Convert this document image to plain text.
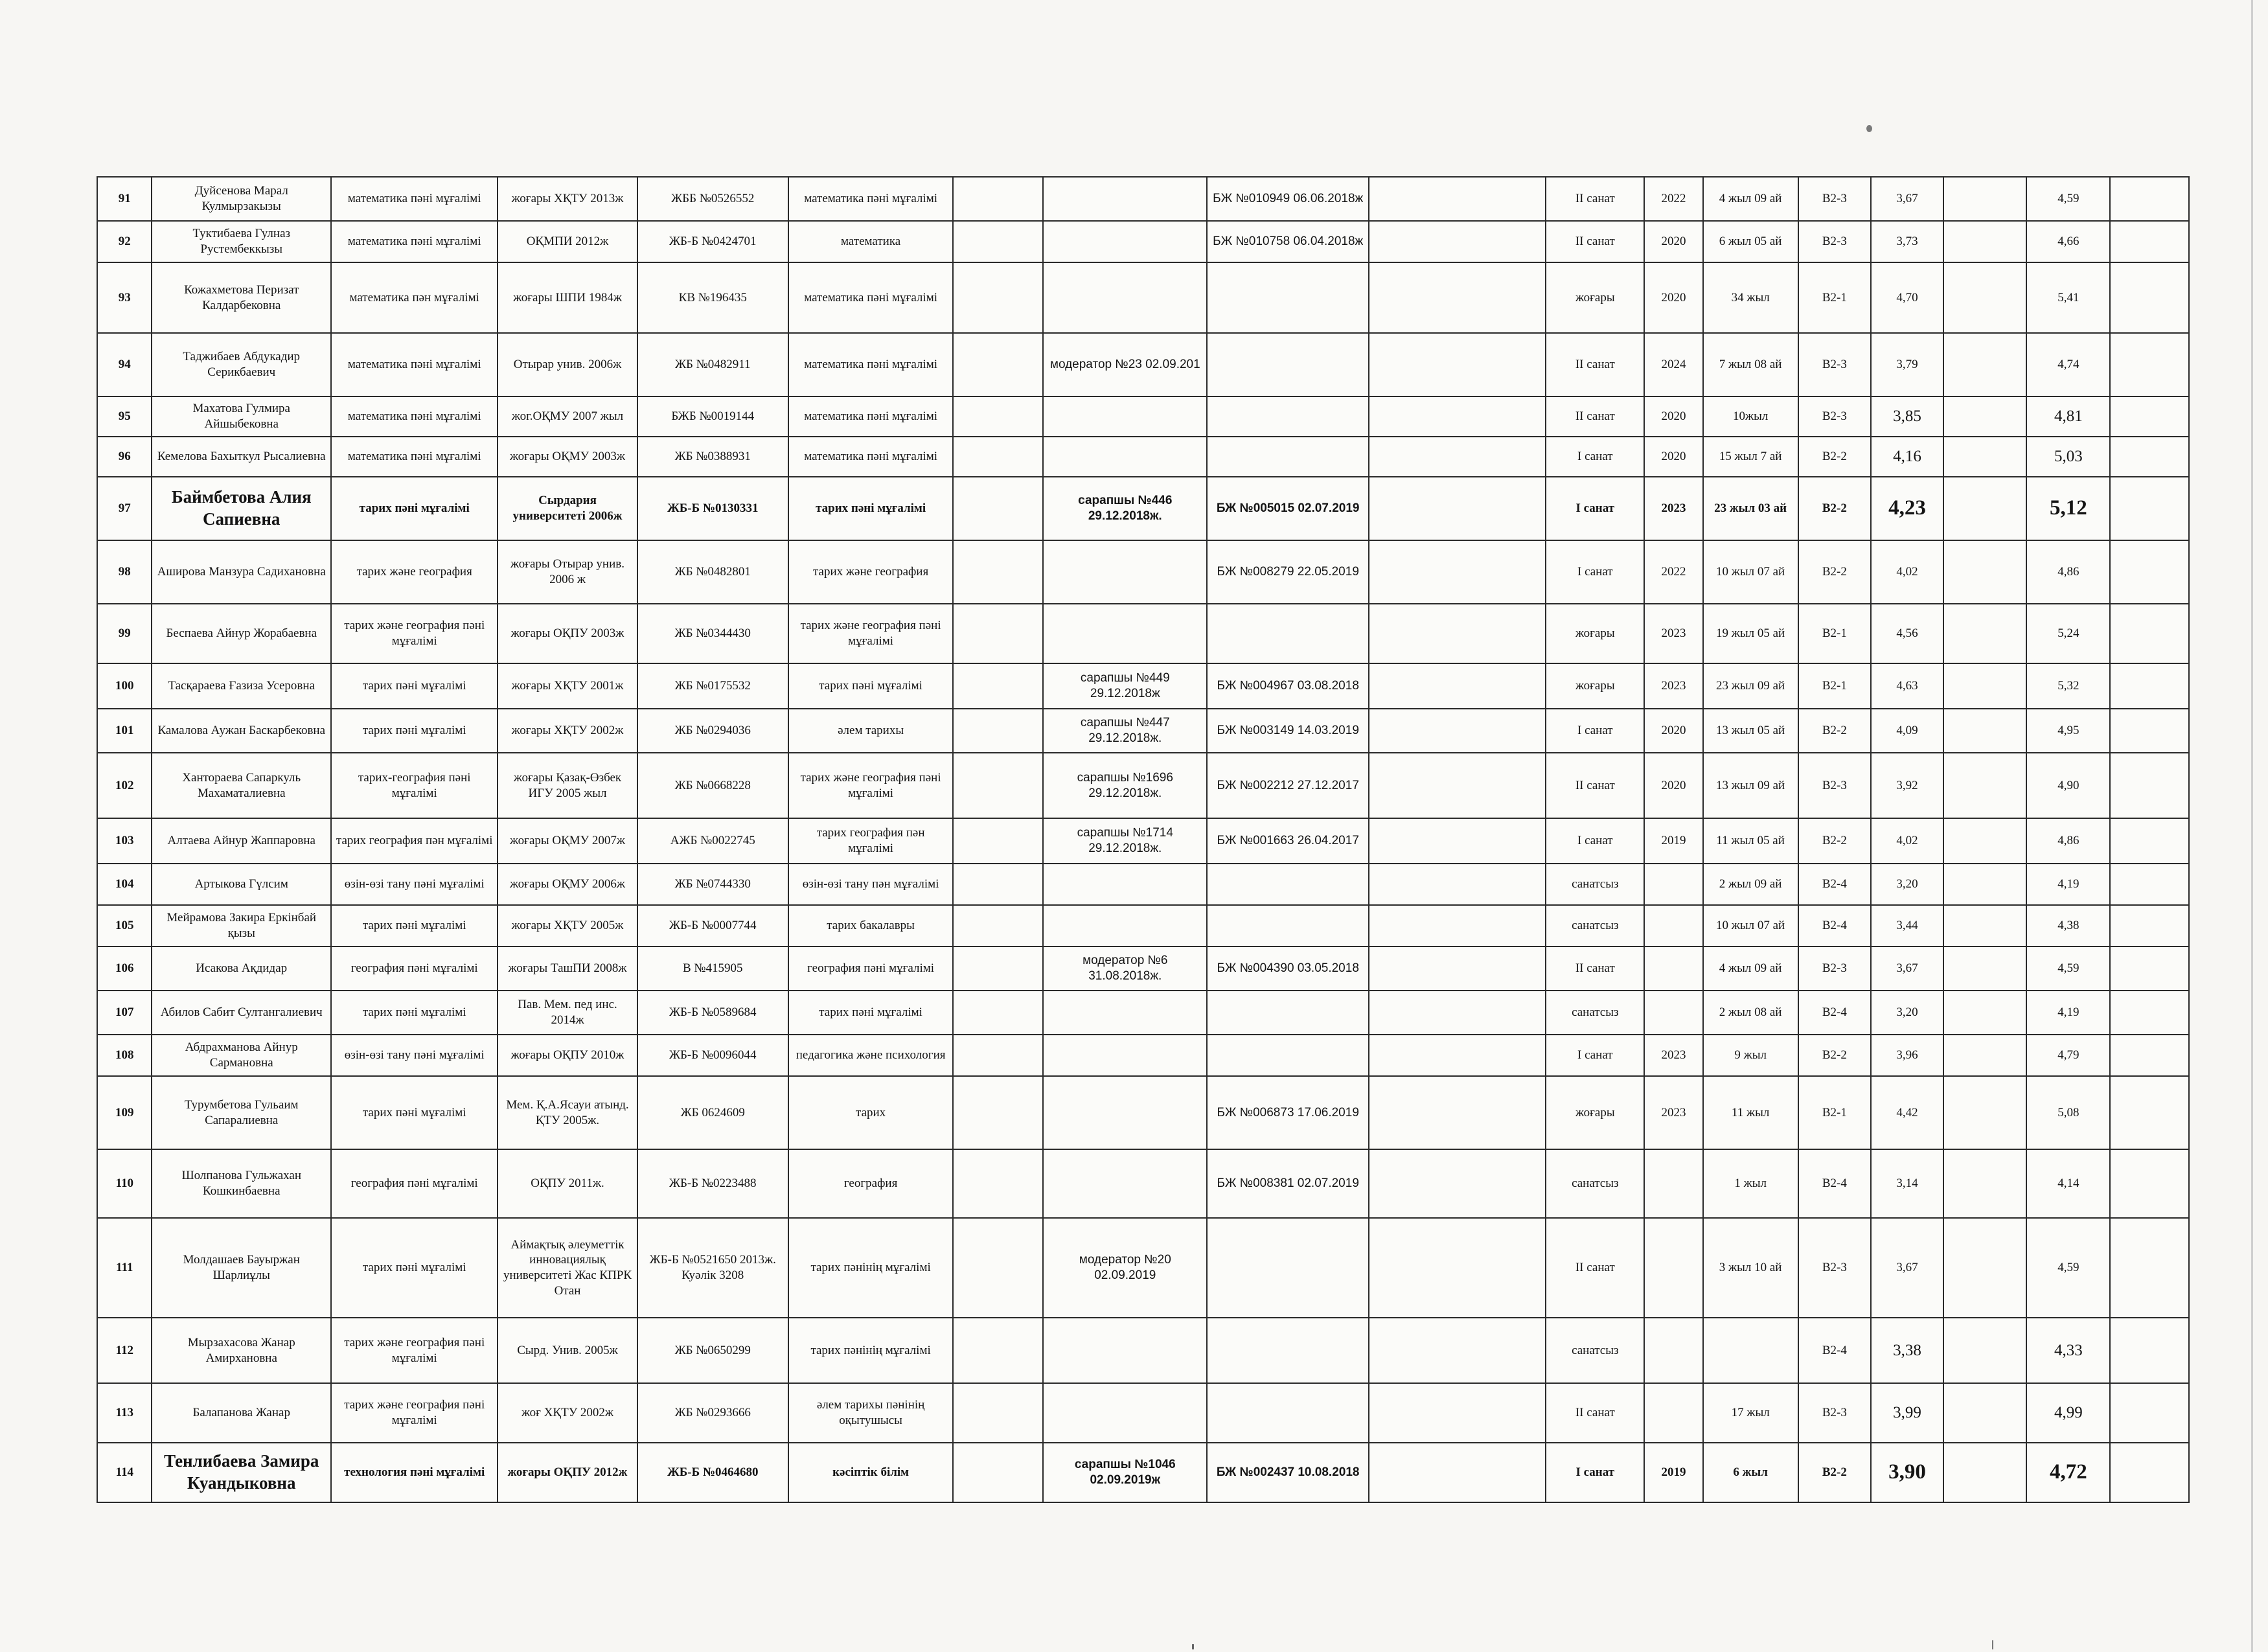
91	Дуйсенова Марал Кулмырзакызы	математика пәні мұғалімі	жоғары ХҚТУ 2013ж	ЖББ №0526552	математика пәні мұғалімі			БЖ №010949 06.06.2018ж		II санат	2022	4 жыл 09 ай	B2-3	3,67		4,59	
92	Туктибаева Гулназ Рустембеккызы	математика пәні мұғалімі	ОҚМПИ 2012ж	ЖБ-Б №0424701	математика			БЖ №010758 06.04.2018ж		II санат	2020	6 жыл 05 ай	B2-3	3,73		4,66	
93	Кожахметова Перизат Калдарбековна	математика пән мұғалімі	жоғары ШПИ 1984ж	КВ №196435	математика пәні мұғалімі					жоғары	2020	34 жыл	B2-1	4,70		5,41	
94	Таджибаев Абдукадир Серикбаевич	математика пәні мұғалімі	Отырар унив. 2006ж	ЖБ №0482911	математика пәні мұғалімі		модератор №23 02.09.201			II санат	2024	7 жыл 08 ай	B2-3	3,79		4,74	
95	Махатова Гулмира Айшыбековна	математика пәні мұғалімі	жог.ОҚМУ 2007 жыл	БЖБ №0019144	математика пәні мұғалімі					II санат	2020	10жыл	B2-3	3,85		4,81	
96	Кемелова Бахыткул Рысалиевна	математика пәні мұғалімі	жоғары ОҚМУ 2003ж	ЖБ №0388931	математика пәні мұғалімі					I санат	2020	15 жыл 7 ай	B2-2	4,16		5,03	
97	Баймбетова Алия Сапиевна	тарих пәні мұғалімі	Сырдария университеті 2006ж	ЖБ-Б №0130331	тарих пәні мұғалімі		сарапшы №446 29.12.2018ж.	БЖ №005015 02.07.2019		I санат	2023	23 жыл 03 ай	B2-2	4,23		5,12	
98	Аширова Манзура Садихановна	тарих және география	жоғары Отырар унив. 2006 ж	ЖБ №0482801	тарих және география			БЖ №008279 22.05.2019		I санат	2022	10 жыл 07 ай	B2-2	4,02		4,86	
99	Беспаева Айнур Жорабаевна	тарих және география пәні мұғалімі	жоғары ОҚПУ 2003ж	ЖБ №0344430	тарих және география пәні мұғалімі					жоғары	2023	19 жыл 05 ай	B2-1	4,56		5,24	
100	Тасқараева Ғазиза Усеровна	тарих пәні мұғалімі	жоғары ХҚТУ 2001ж	ЖБ №0175532	тарих пәні мұғалімі		сарапшы №449 29.12.2018ж	БЖ №004967 03.08.2018		жоғары	2023	23 жыл 09 ай	B2-1	4,63		5,32	
101	Камалова Аужан Баскарбековна	тарих пәні мұғалімі	жоғары ХҚТУ 2002ж	ЖБ №0294036	әлем тарихы		сарапшы №447 29.12.2018ж.	БЖ №003149 14.03.2019		I санат	2020	13 жыл 05 ай	B2-2	4,09		4,95	
102	Хантораева Сапаркуль Махаматалиевна	тарих-география пәні мұғалімі	жоғары Қазақ-Өзбек ИГУ 2005 жыл	ЖБ №0668228	тарих және география пәні мұғалімі		сарапшы №1696 29.12.2018ж.	БЖ №002212 27.12.2017		II санат	2020	13 жыл 09 ай	B2-3	3,92		4,90	
103	Алтаева Айнур Жаппаровна	тарих география пән мұғалімі	жоғары ОҚМУ 2007ж	АЖБ №0022745	тарих география пән мұғалімі		сарапшы №1714 29.12.2018ж.	БЖ №001663 26.04.2017		I санат	2019	11 жыл 05 ай	B2-2	4,02		4,86	
104	Артыкова Гүлсим	өзін-өзі тану пәні мұғалімі	жоғары ОҚМУ 2006ж	ЖБ №0744330	өзін-өзі тану пән мұғалімі					санатсыз		2 жыл 09 ай	B2-4	3,20		4,19	
105	Мейрамова Закира Еркінбай қызы	тарих пәні мұғалімі	жоғары ХҚТУ 2005ж	ЖБ-Б №0007744	тарих бакалавры					санатсыз		10 жыл 07 ай	B2-4	3,44		4,38	
106	Исакова Ақдидар	география пәні мұғалімі	жоғары ТашПИ 2008ж	В №415905	география пәні мұғалімі		модератор №6 31.08.2018ж.	БЖ №004390 03.05.2018		II санат		4 жыл 09 ай	B2-3	3,67		4,59	
107	Абилов Сабит Султангалиевич	тарих пәні мұғалімі	Пав. Мем. пед инс. 2014ж	ЖБ-Б №0589684	тарих пәні мұғалімі					санатсыз		2 жыл 08 ай	B2-4	3,20		4,19	
108	Абдрахманова Айнур Сармановна	өзін-өзі тану пәні мұғалімі	жоғары ОҚПУ 2010ж	ЖБ-Б №0096044	педагогика және психология					I санат	2023	9 жыл	B2-2	3,96		4,79	
109	Турумбетова Гульаим Сапаралиевна	тарих пәні мұғалімі	Мем. Қ.А.Ясауи атынд. ҚТУ 2005ж.	ЖБ 0624609	тарих			БЖ №006873 17.06.2019		жоғары	2023	11 жыл	B2-1	4,42		5,08	
110	Шолпанова Гульжахан Кошкинбаевна	география пәні мұғалімі	ОҚПУ 2011ж.	ЖБ-Б №0223488	география			БЖ №008381 02.07.2019		санатсыз		1 жыл	B2-4	3,14		4,14	
111	Молдашаев Бауыржан Шарлиұлы	тарих пәні мұғалімі	Аймақтық әлеуметтік инновациялық университеті Жас КПРК Отан	ЖБ-Б №0521650 2013ж. Куәлік 3208	тарих пәнінің мұғалімі		модератор №20 02.09.2019			II санат		3 жыл 10 ай	B2-3	3,67		4,59	
112	Мырзахасова Жанар Амирхановна	тарих және география пәні мұғалімі	Сырд. Унив. 2005ж	ЖБ №0650299	тарих пәнінің мұғалімі					санатсыз			B2-4	3,38		4,33	
113	Балапанова Жанар	тарих және география пәні мұғалімі	жоғ ХҚТУ 2002ж	ЖБ №0293666	әлем тарихы пәнінің оқытушысы					II санат		17 жыл	B2-3	3,99		4,99	
114	Тенлибаева Замира Куандыковна	технология пәні мұғалімі	жоғары ОҚПУ 2012ж	ЖБ-Б №0464680	кәсіптік білім		сарапшы №1046 02.09.2019ж	БЖ №002437 10.08.2018		I санат	2019	6 жыл	B2-2	3,90		4,72	
